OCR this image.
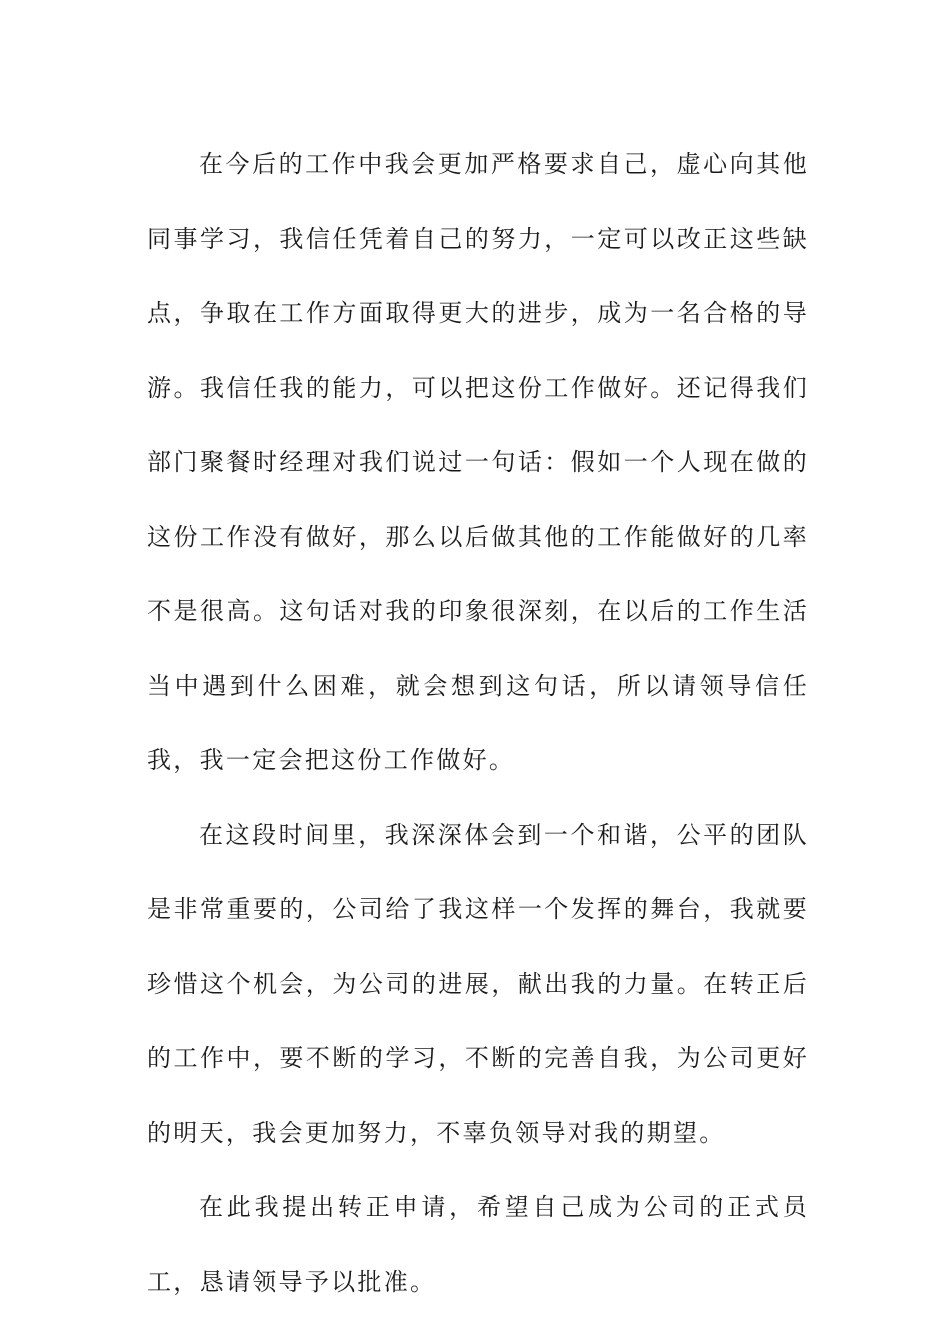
在今后的工作中我会更加严格要求自己，虚心向其他同事学习，我信任凭着自己的努力，一定可以改正这些缺点，争取在工作方面取得更大的进步，成为一名合格的导游。我信任我的能力，可以把这份工作做好。还记得我们部门聚餐时经理对我们说过一句话：假如一个人现在做的这份工作没有做好，那么以后做其他的工作能做好的几率不是很高。这句话对我的印象很深刻，在以后的工作生活当中遇到什么困难，就会想到这句话，所以请领导信任我，我一定会把这份工作做好。

在这段时间里，我深深体会到一个和谐，公平的团队是非常重要的，公司给了我这样一个发挥的舞台，我就要珍惜这个机会，为公司的进展，献出我的力量。在转正后的工作中，要不断的学习，不断的完善自我，为公司更好的明天，我会更加努力，不辜负领导对我的期望。

在此我提出转正申请，希望自己成为公司的正式员工，恳请领导予以批准。
